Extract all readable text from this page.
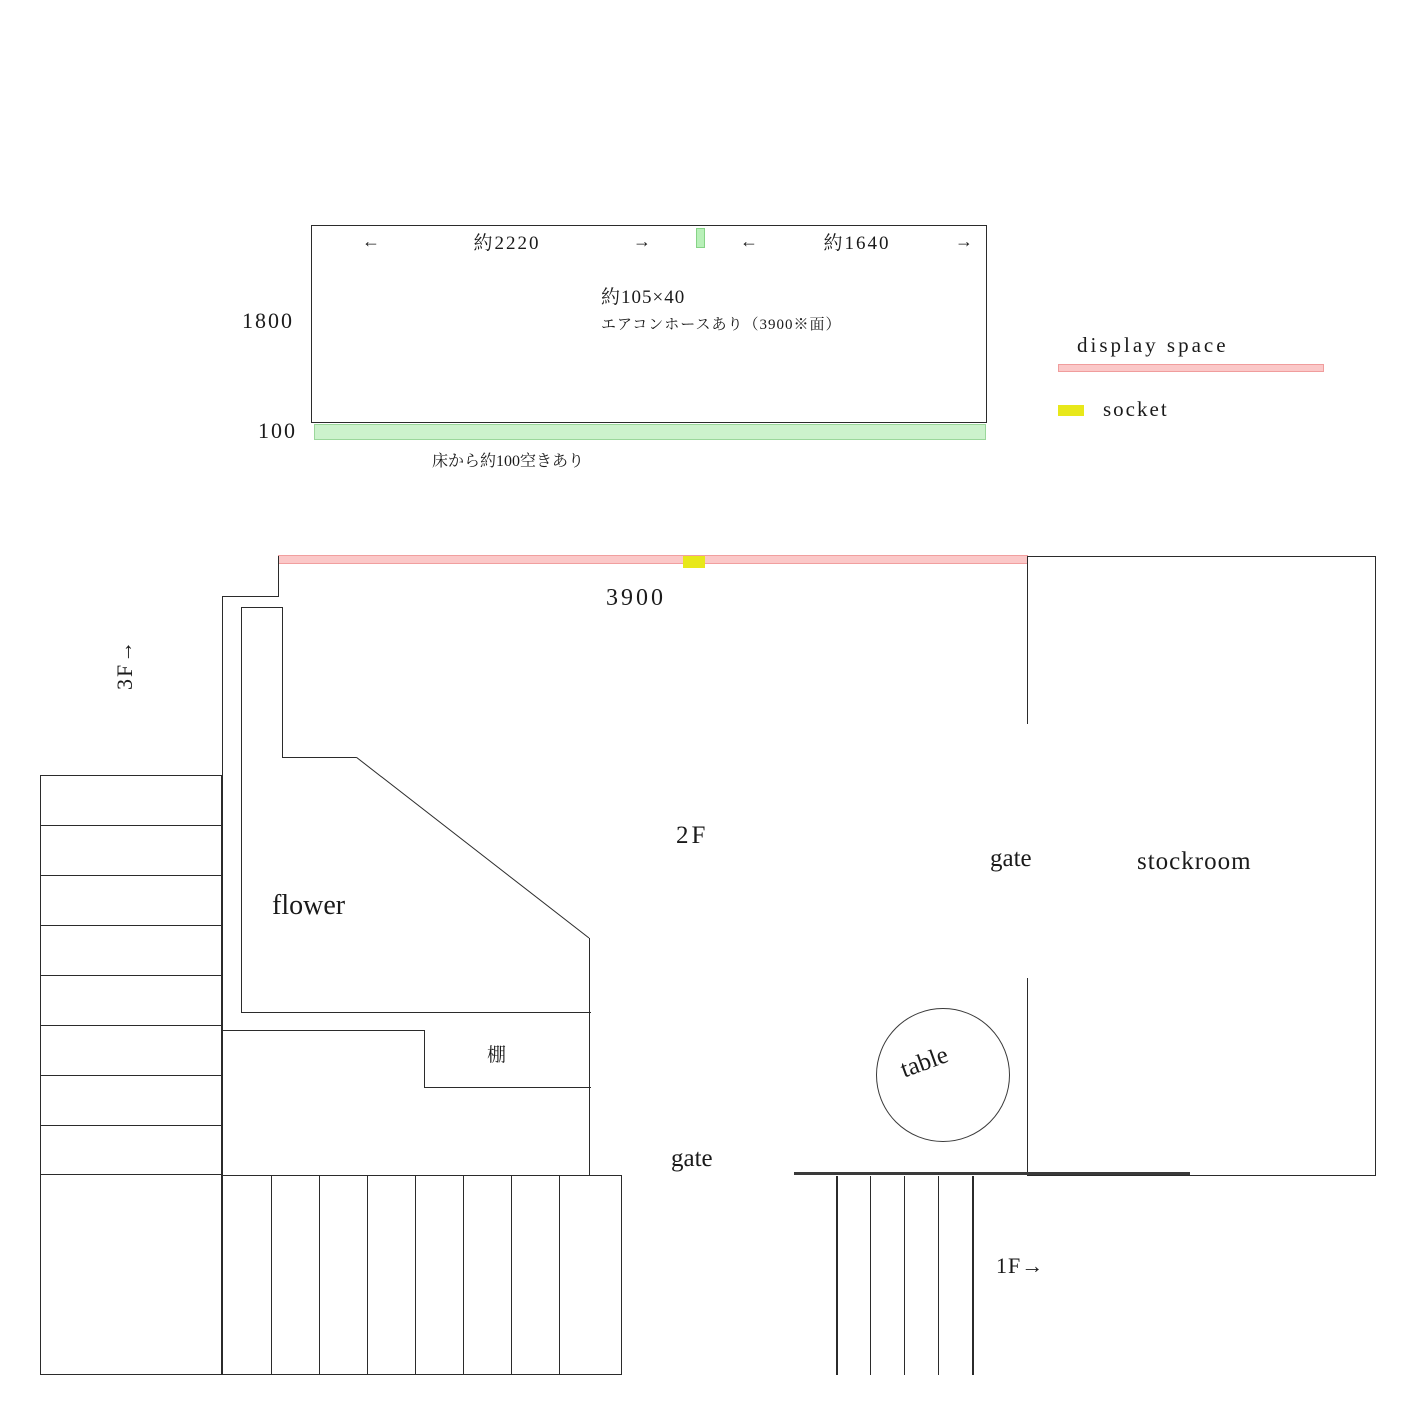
←	約2220	→	←	約1640	→
1800
100
約105×40
エアコンホースあり（3900※面）
床から約100空きあり
display space
socket
3900
3F→
table
2F
flower
gate	stockroom
gate
棚
1F→
